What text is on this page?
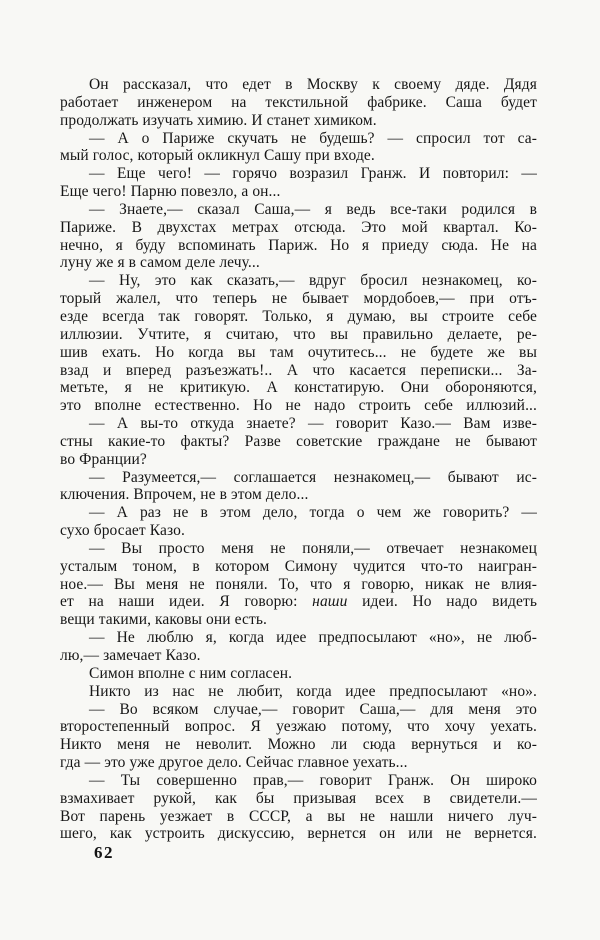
Он рассказал, что едет в Москву к своему дяде. Дядя
работает инженером на текстильной фабрике. Саша будет
продолжать изучать химию. И станет химиком.
— А о Париже скучать не будешь? — спросил тот са-
мый голос, который окликнул Сашу при входе.
— Еще чего! — горячо возразил Гранж. И повторил: —
Еще чего! Парню повезло, а он...
— Знаете,— сказал Саша,— я ведь все-таки родился в
Париже. В двухстах метрах отсюда. Это мой квартал. Ко-
нечно, я буду вспоминать Париж. Но я приеду сюда. Не на
луну же я в самом деле лечу...
— Ну, это как сказать,— вдруг бросил незнакомец, ко-
торый жалел, что теперь не бывает мордобоев,— при отъ-
езде всегда так говорят. Только, я думаю, вы строите себе
иллюзии. Учтите, я считаю, что вы правильно делаете, ре-
шив ехать. Но когда вы там очутитесь... не будете же вы
взад и вперед разъезжать!.. А что касается переписки... За-
метьте, я не критикую. А констатирую. Они обороняются,
это вполне естественно. Но не надо строить себе иллюзий...
— А вы-то откуда знаете? — говорит Казо.— Вам изве-
стны какие-то факты? Разве советские граждане не бывают
во Франции?
— Разумеется,— соглашается незнакомец,— бывают ис-
ключения. Впрочем, не в этом дело...
— А раз не в этом дело, тогда о чем же говорить? —
сухо бросает Казо.
— Вы просто меня не поняли,— отвечает незнакомец
усталым тоном, в котором Симону чудится что-то наигран-
ное.— Вы меня не поняли. То, что я говорю, никак не влия-
ет на наши идеи. Я говорю: наши идеи. Но надо видеть
вещи такими, каковы они есть.
— Не люблю я, когда идее предпосылают «но», не люб-
лю,— замечает Казо.
Симон вполне с ним согласен.
Никто из нас не любит, когда идее предпосылают «но».
— Во всяком случае,— говорит Саша,— для меня это
второстепенный вопрос. Я уезжаю потому, что хочу уехать.
Никто меня не неволит. Можно ли сюда вернуться и ко-
гда — это уже другое дело. Сейчас главное уехать...
— Ты совершенно прав,— говорит Гранж. Он широко
взмахивает рукой, как бы призывая всех в свидетели.—
Вот парень уезжает в СССР, а вы не нашли ничего луч-
шего, как устроить дискуссию, вернется он или не вернется.
62
